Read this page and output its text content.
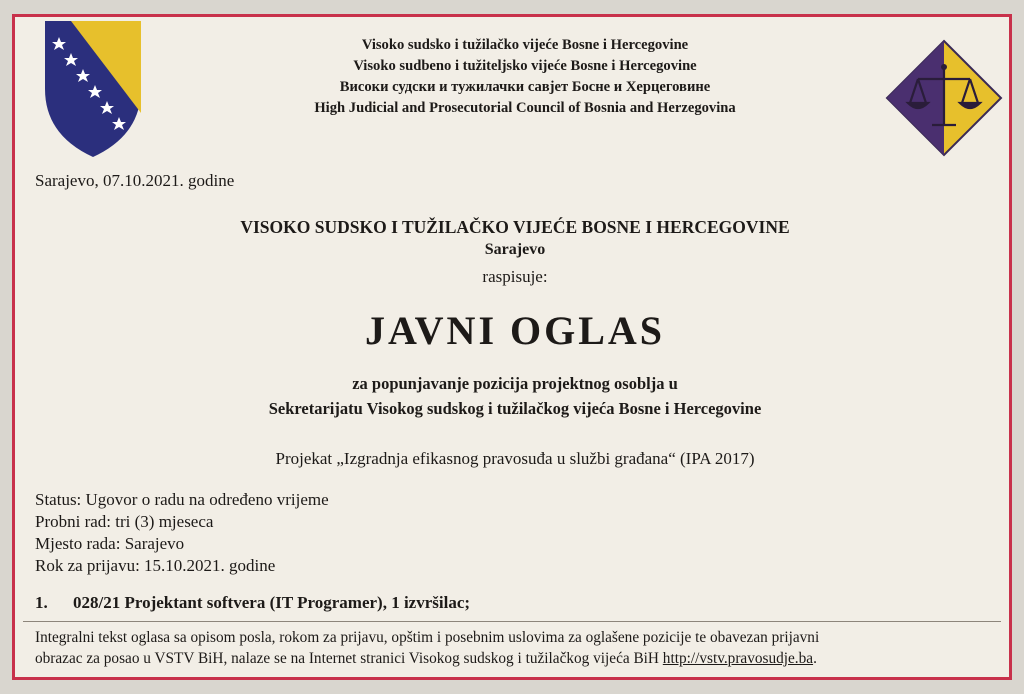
Visoko sudsko i tužilačko vijeće Bosne i Hercegovine
Visoko sudbeno i tužiteljsko vijeće Bosne i Hercegovine
Високи судски и тужилачки савјет Босне и Херцеговине
High Judicial and Prosecutorial Council of Bosnia and Herzegovina
Sarajevo, 07.10.2021. godine
VISOKO SUDSKO I TUŽILAČKO VIJEĆE BOSNE I HERCEGOVINE
Sarajevo
raspisuje:
JAVNI OGLAS
za popunjavanje pozicija projektnog osoblja u
Sekretarijatu Visokog sudskog i tužilačkog vijeća Bosne i Hercegovine
Projekat „Izgradnja efikasnog pravosuđa u službi građana“ (IPA 2017)
Status: Ugovor o radu na određeno vrijeme
Probni rad: tri (3) mjeseca
Mjesto rada: Sarajevo
Rok za prijavu: 15.10.2021. godine
1. 028/21 Projektant softvera (IT Programer), 1 izvršilac;
Integralni tekst oglasa sa opisom posla, rokom za prijavu, opštim i posebnim uslovima za oglašene pozicije te obavezan prijavni
obrazac za posao u VSTV BiH, nalaze se na Internet stranici Visokog sudskog i tužilačkog vijeća BiH http://vstv.pravosudje.ba.
